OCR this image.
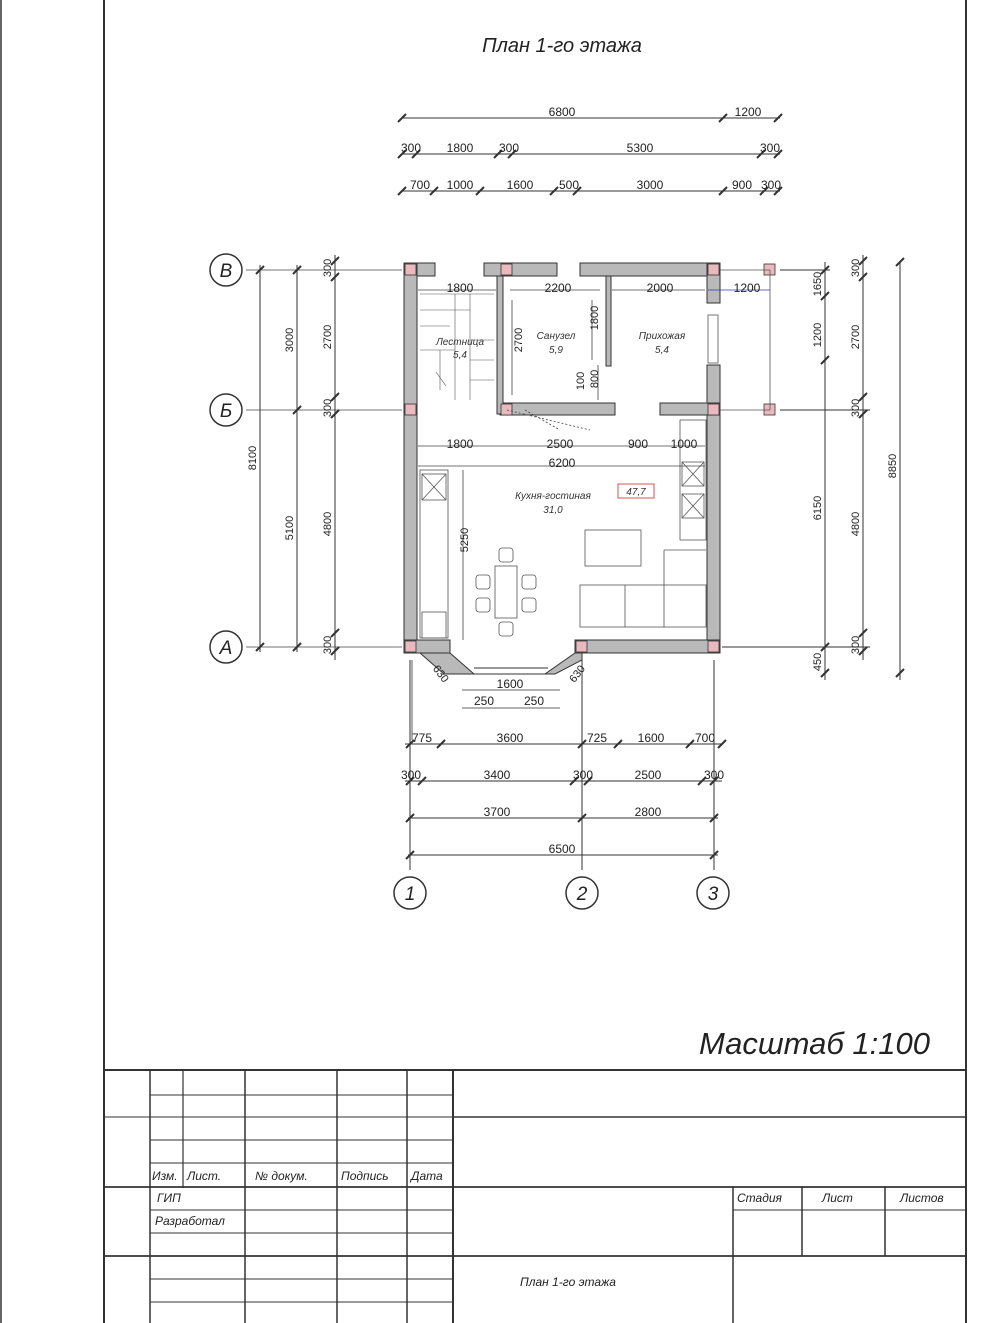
План 1-го этажа
6800	1200
300 1800 300	5300	300
700 1000	1600 500	3000	900 300
В
Б
А
8100
3000
5100
300
2700
300
4800
300
1650
1200
6150
450
300
2700
300
4800
300
8850
1800	2200	2000	1200
1800	2500	900 1000
6200
2700
1800
100 800
5250
630	1600
250 250
630
Лестница
5,4
Санузел
5,9
Прихожая
5,4
Кухня-гостиная
31,0
47,7
775	3600	725	1600	700
300	3400	300	2500	300
3700	2800
6500
1	2	3
Масштаб 1:100
Изм. Лист.	№ докум.	Подпись Дата
ГИП
Разработал
Стадия	Лист	Листов
План 1-го этажа
